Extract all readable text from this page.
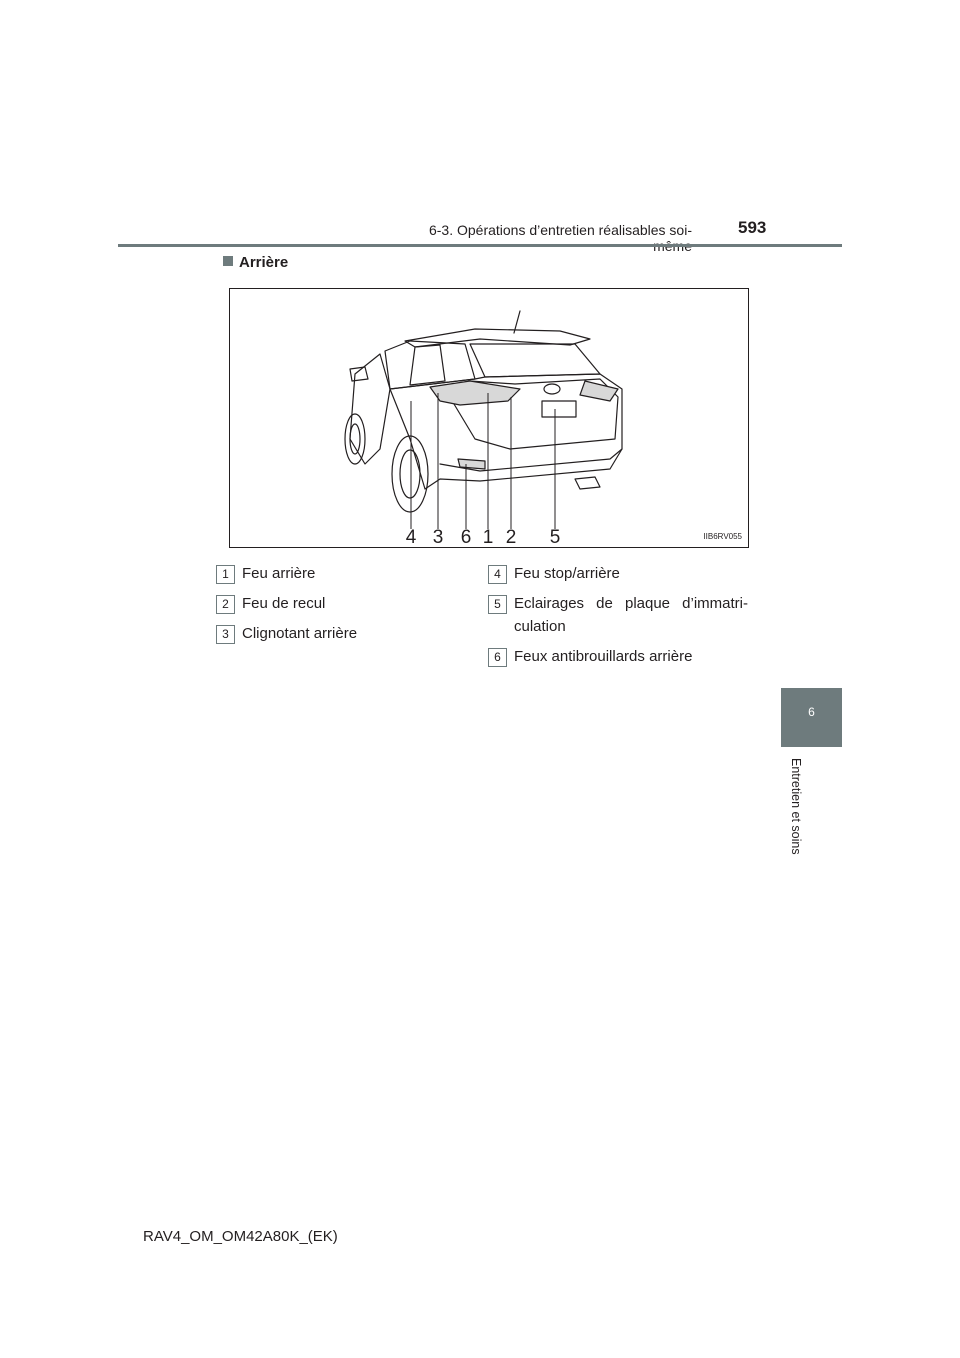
6-3. Opérations d’entretien réalisables soi-	593
6
Entretien et soins
Arrière
4 3 6 1 2 5	IIB6RV055
1 Feu arrière
2 Feu de recul
3 Clignotant arrière
4 Feu stop/arrière
5 Eclairages de plaque d’immatri-culation
6 Feux antibrouillards arrière
RAV4_OM_OM42A80K_(EK)
